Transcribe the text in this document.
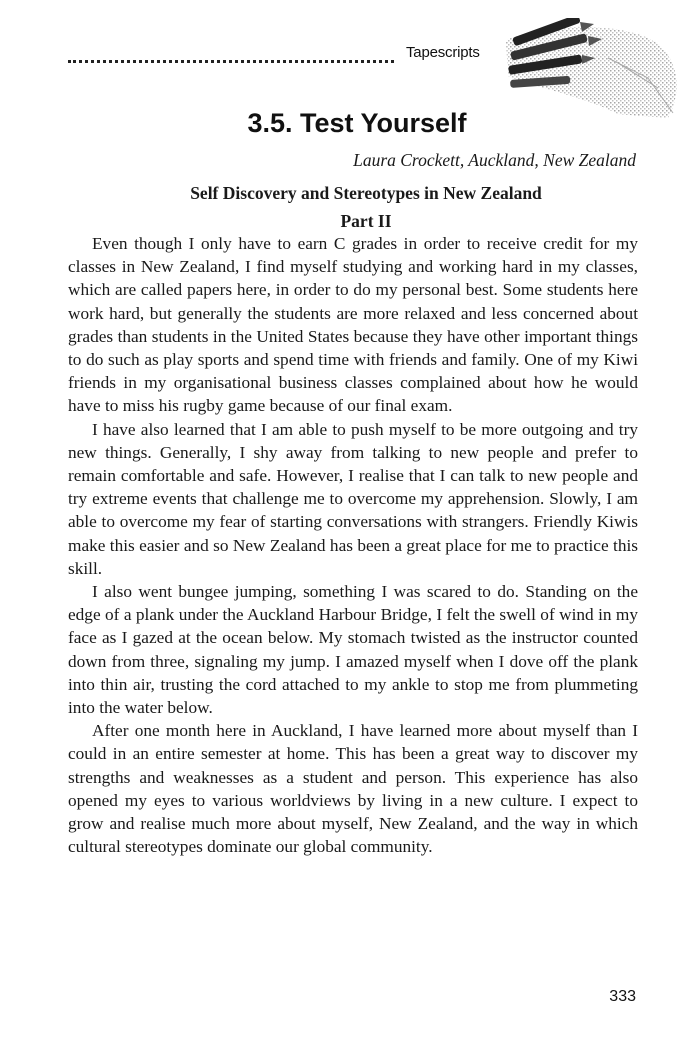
Tapescripts
3.5. Test Yourself
Laura Crockett, Auckland, New Zealand
Self Discovery and Stereotypes in New Zealand
Part II

Even though I only have to earn C grades in order to receive credit for my classes in New Zealand, I find myself studying and working hard in my classes, which are called papers here, in order to do my personal best. Some students here work hard, but generally the students are more relaxed and less concerned about grades than students in the United States because they have other important things to do such as play sports and spend time with friends and family. One of my Kiwi friends in my organisational business classes complained about how he would have to miss his rugby game because of our final exam.

I have also learned that I am able to push myself to be more outgoing and try new things. Generally, I shy away from talking to new people and prefer to remain comfortable and safe. However, I realise that I can talk to new people and try extreme events that challenge me to overcome my apprehension. Slowly, I am able to overcome my fear of starting conversations with strangers. Friendly Kiwis make this easier and so New Zealand has been a great place for me to practice this skill.

I also went bungee jumping, something I was scared to do. Standing on the edge of a plank under the Auckland Harbour Bridge, I felt the swell of wind in my face as I gazed at the ocean below. My stomach twisted as the instructor counted down from three, signaling my jump. I amazed myself when I dove off the plank into thin air, trusting the cord attached to my ankle to stop me from plummeting into the water below.

After one month here in Auckland, I have learned more about myself than I could in an entire semester at home. This has been a great way to discover my strengths and weaknesses as a student and person. This experience has also opened my eyes to various worldviews by living in a new culture. I expect to grow and realise much more about myself, New Zealand, and the way in which cultural stereotypes dominate our global community.

333
